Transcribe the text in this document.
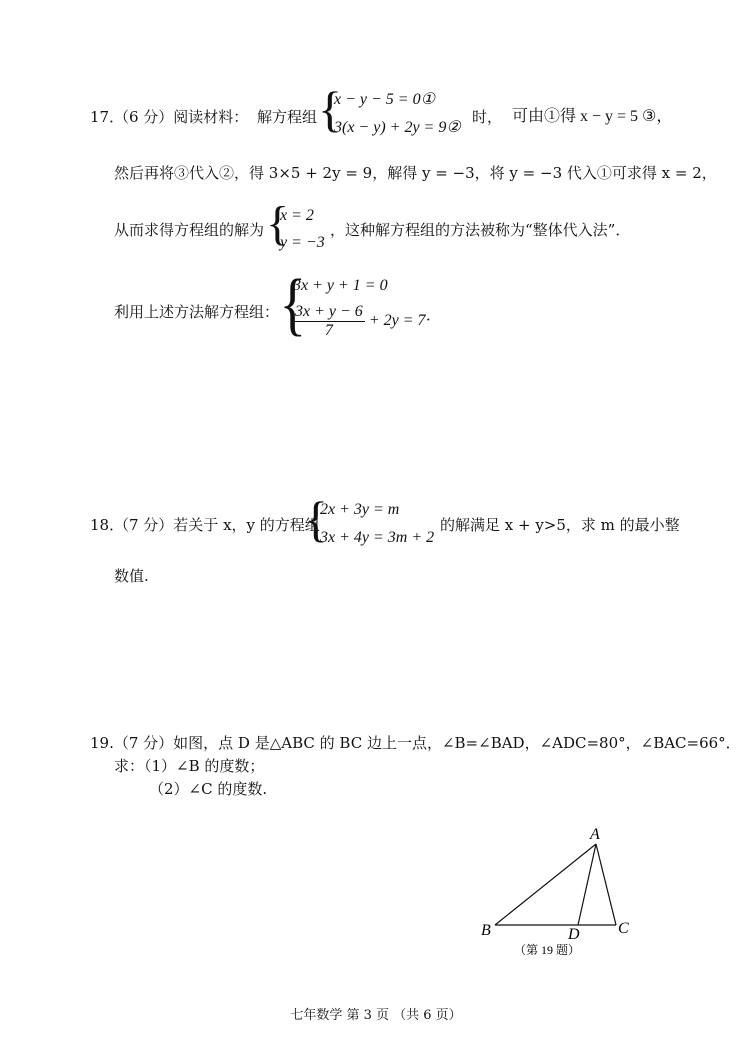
17．
（6 分）阅读材料： 解方程组 {
x − y − 5 = 0①
3(x − y) + 2y = 9②
时， 可由①得 x − y = 5 ③，
然后再将③代入②，得 3×5 + 2y = 9，解得 y = −3，将 y = −3 代入①可求得 x = 2，
从而求得方程组的解为 {
x = 2
y = −3
，这种解方程组的方法被称为“整体代入法”．
利用上述方法解方程组： {
3x + y + 1 = 0
$\frac{3x + y - 6}{7} + 2y = 7$ ．
18．
（7 分）若关于 x，y 的方程组
{
2x + 3y = m
3x + 4y = 3m + 2
的解满足 x + y>5，求 m 的最小整
数值.
19.（7 分）如图，点 D 是△ABC 的 BC 边上一点，∠B=∠BAD，∠ADC=80°，∠BAC=66°．
求：（1）∠B 的度数；
（2）∠C 的度数.
A
B	C
D
（第 19 题）
七年数学 第 3 页 （共 6 页）
